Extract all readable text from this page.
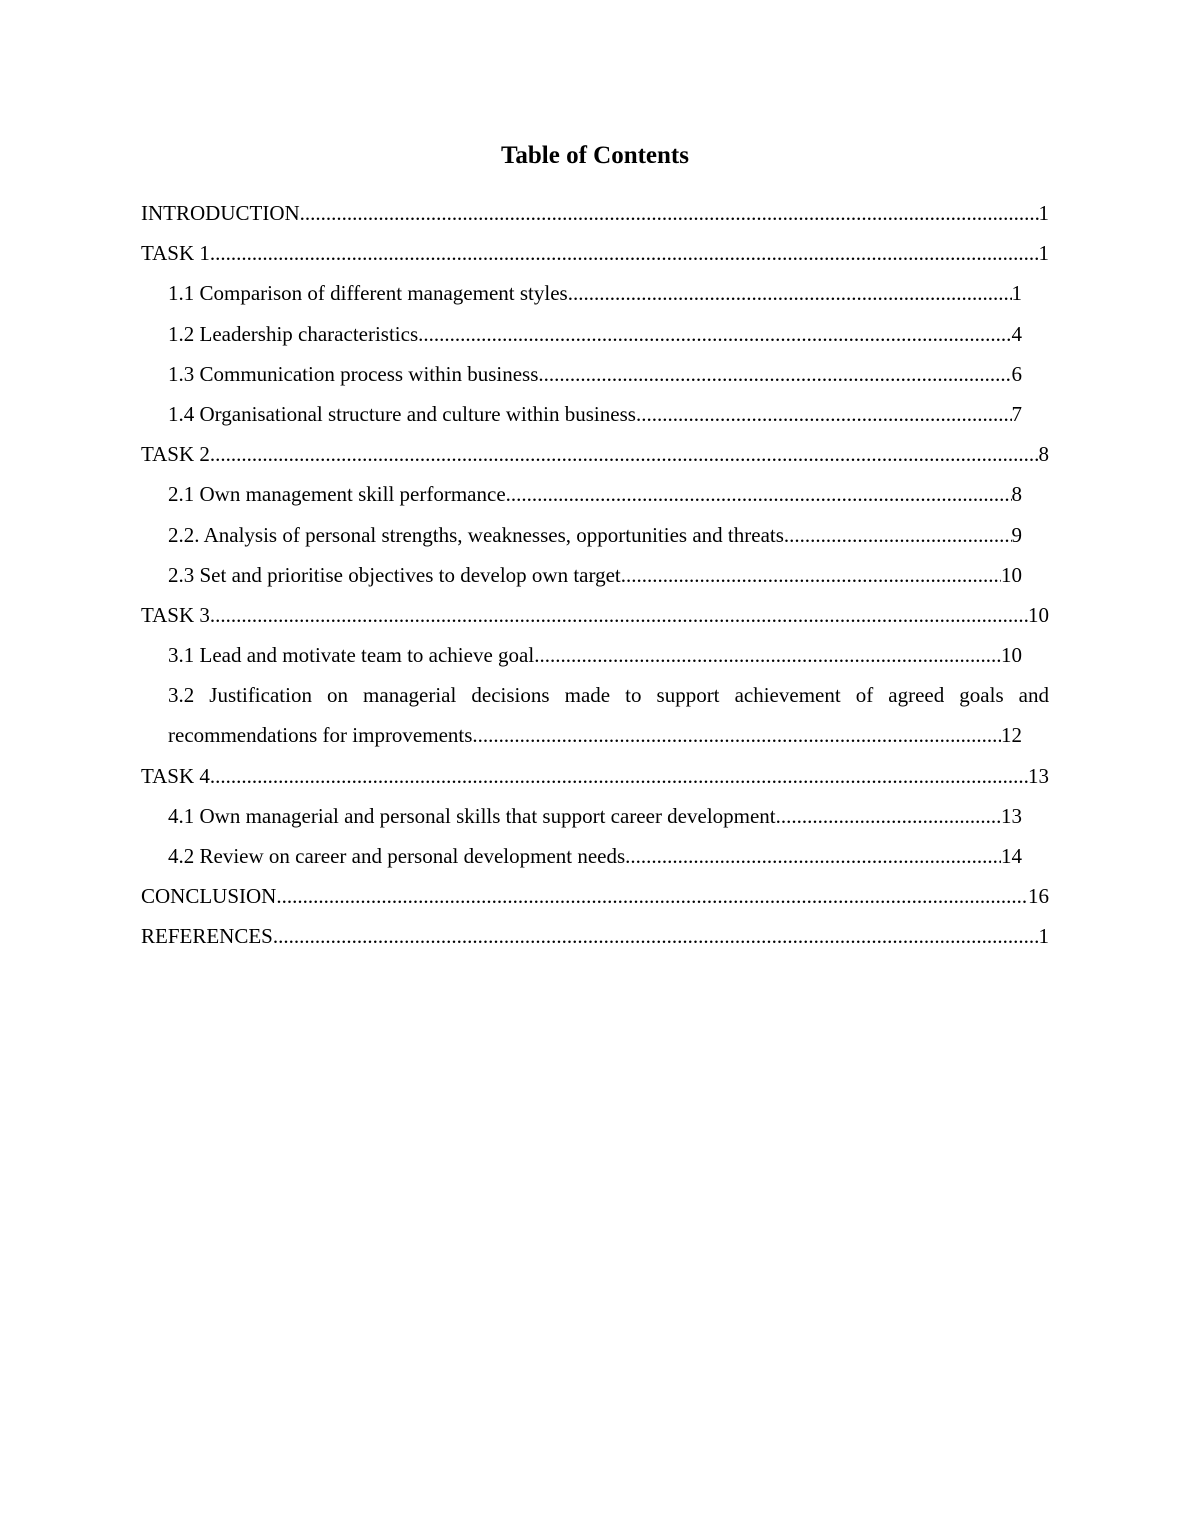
Table of Contents
INTRODUCTION .....	1
TASK 1 .....	1
1.1 Comparison of different management styles .....	1
1.2 Leadership characteristics .....	4
1.3 Communication process within business .....	6
1.4 Organisational structure and culture within business .....	7
TASK 2 .....	8
2.1 Own management skill performance .....	8
2.2. Analysis of personal strengths, weaknesses, opportunities and threats .....	9
2.3 Set and prioritise objectives to develop own target .....	10
TASK 3 .....	10
3.1 Lead and motivate team to achieve goal .....	10
3.2 Justification on managerial decisions made to support achievement of agreed goals and
recommendations for improvements .....	12
TASK 4 .....	13
4.1 Own managerial and personal skills that support career development .....	13
4.2 Review on career and personal development needs .....	14
CONCLUSION .....	16
REFERENCES .....	1
